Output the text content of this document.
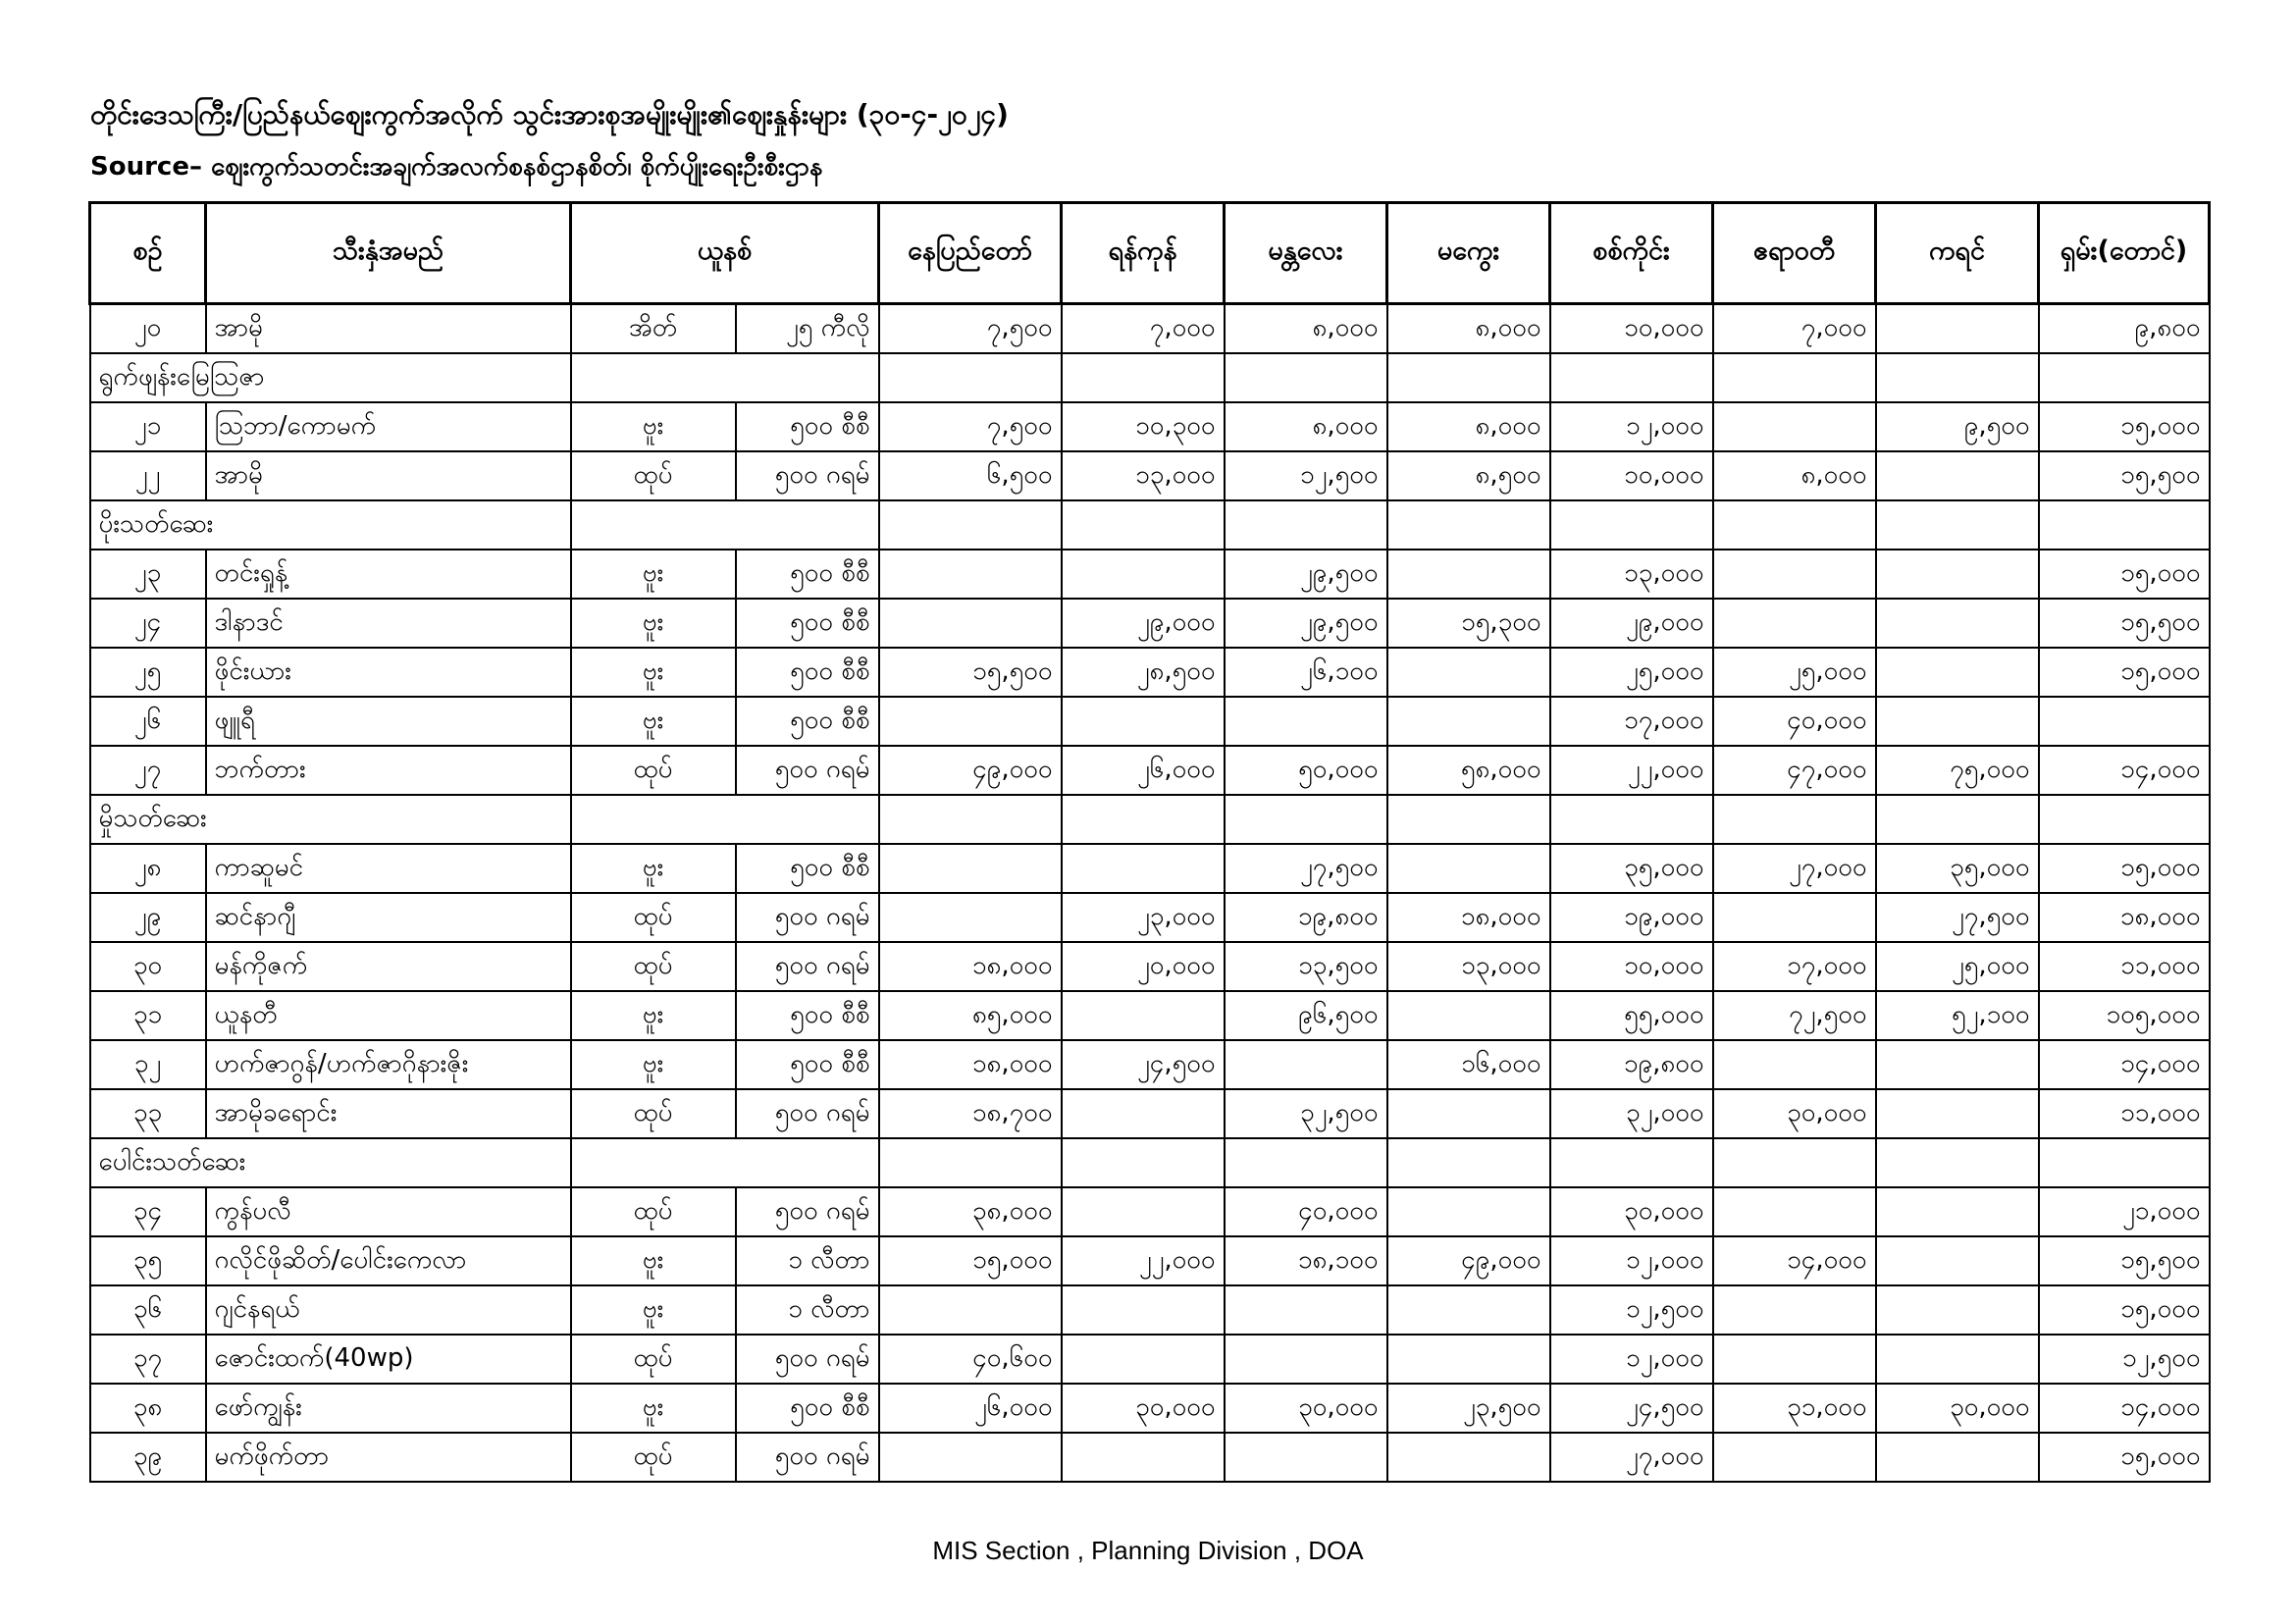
တိုင်းဒေသကြီး/ပြည်နယ်ဈေးကွက်အလိုက် သွင်းအားစုအမျိုးမျိုး၏ဈေးနှုန်းများ (၃၀-၄-၂၀၂၄)
Source– ဈေးကွက်သတင်းအချက်အလက်စနစ်ဌာနစိတ်၊ စိုက်ပျိုးရေးဦးစီးဌာန
စဉ်	သီးနှံအမည်	ယူနစ်		နေပြည်တော်	ရန်ကုန်	မန္တလေး	မကွေး	စစ်ကိုင်း	ဧရာဝတီ	ကရင်	ရှမ်း(တောင်)
၂၀	အာမို	အိတ်	၂၅ ကီလို	၇,၅၀၀	၇,၀၀၀	၈,၀၀၀	၈,၀၀၀	၁၀,၀၀၀	၇,၀၀၀		၉,၈၀၀
ရွက်ဖျန်းမြေသြဇာ											
၂၁	သြဘာ/ကောမက်	ဗူး	၅၀၀ စီစီ	၇,၅၀၀	၁၀,၃၀၀	၈,၀၀၀	၈,၀၀၀	၁၂,၀၀၀		၉,၅၀၀	၁၅,၀၀၀
၂၂	အာမို	ထုပ်	၅၀၀ ဂရမ်	၆,၅၀၀	၁၃,၀၀၀	၁၂,၅၀၀	၈,၅၀၀	၁၀,၀၀၀	၈,၀၀၀		၁၅,၅၀၀
ပိုးသတ်ဆေး											
၂၃	တင်းရှုန့်	ဗူး	၅၀၀ စီစီ			၂၉,၅၀၀		၁၃,၀၀၀			၁၅,၀၀၀
၂၄	ဒါနာဒင်	ဗူး	၅၀၀ စီစီ		၂၉,၀၀၀	၂၉,၅၀၀	၁၅,၃၀၀	၂၉,၀၀၀			၁၅,၅၀၀
၂၅	ဖိုင်းယား	ဗူး	၅၀၀ စီစီ	၁၅,၅၀၀	၂၈,၅၀၀	၂၆,၁၀၀		၂၅,၀၀၀	၂၅,၀၀၀		၁၅,၀၀၀
၂၆	ဖျူရီ	ဗူး	၅၀၀ စီစီ					၁၇,၀၀၀	၄၀,၀၀၀		
၂၇	ဘက်တား	ထုပ်	၅၀၀ ဂရမ်	၄၉,၀၀၀	၂၆,၀၀၀	၅၀,၀၀၀	၅၈,၀၀၀	၂၂,၀၀၀	၄၇,၀၀၀	၇၅,၀၀၀	၁၄,၀၀၀
မှိုသတ်ဆေး											
၂၈	ကာဆူမင်	ဗူး	၅၀၀ စီစီ			၂၇,၅၀၀		၃၅,၀၀၀	၂၇,၀၀၀	၃၅,၀၀၀	၁၅,၀၀၀
၂၉	ဆင်နာဂျီ	ထုပ်	၅၀၀ ဂရမ်		၂၃,၀၀၀	၁၉,၈၀၀	၁၈,၀၀၀	၁၉,၀၀၀		၂၇,၅၀၀	၁၈,၀၀၀
၃၀	မန်ကိုဇက်	ထုပ်	၅၀၀ ဂရမ်	၁၈,၀၀၀	၂၀,၀၀၀	၁၃,၅၀၀	၁၃,၀၀၀	၁၀,၀၀၀	၁၇,၀၀၀	၂၅,၀၀၀	၁၁,၀၀၀
၃၁	ယူနတီ	ဗူး	၅၀၀ စီစီ	၈၅,၀၀၀		၉၆,၅၀၀		၅၅,၀၀၀	၇၂,၅၀၀	၅၂,၁၀၀	၁၀၅,၀၀၀
၃၂	ဟက်ဇာဂွန်/ဟက်ဇာဂိုနားဇိုး	ဗူး	၅၀၀ စီစီ	၁၈,၀၀၀	၂၄,၅၀၀		၁၆,၀၀၀	၁၉,၈၀၀			၁၄,၀၀၀
၃၃	အာမိုခရောင်း	ထုပ်	၅၀၀ ဂရမ်	၁၈,၇၀၀		၃၂,၅၀၀		၃၂,၀၀၀	၃၀,၀၀၀		၁၁,၀၀၀
ပေါင်းသတ်ဆေး											
၃၄	ကွန်ပလီ	ထုပ်	၅၀၀ ဂရမ်	၃၈,၀၀၀		၄၀,၀၀၀		၃၀,၀၀၀			၂၁,၀၀၀
၃၅	ဂလိုင်ဖိုဆိတ်/ပေါင်းကေလာ	ဗူး	၁ လီတာ	၁၅,၀၀၀	၂၂,၀၀၀	၁၈,၁၀၀	၄၉,၀၀၀	၁၂,၀၀၀	၁၄,၀၀၀		၁၅,၅၀၀
၃၆	ဂျင်နရယ်	ဗူး	၁ လီတာ					၁၂,၅၀၀			၁၅,၀၀၀
၃၇	ဇောင်းထက်(40wp)	ထုပ်	၅၀၀ ဂရမ်	၄၀,၆၀၀				၁၂,၀၀၀			၁၂,၅၀၀
၃၈	ဖော်ကျွန်း	ဗူး	၅၀၀ စီစီ	၂၆,၀၀၀	၃၀,၀၀၀	၃၀,၀၀၀	၂၃,၅၀၀	၂၄,၅၀၀	၃၁,၀၀၀	၃၀,၀၀၀	၁၄,၀၀၀
၃၉	မက်ဖိုက်တာ	ထုပ်	၅၀၀ ဂရမ်					၂၇,၀၀၀			၁၅,၀၀၀
MIS Section , Planning Division , DOA
